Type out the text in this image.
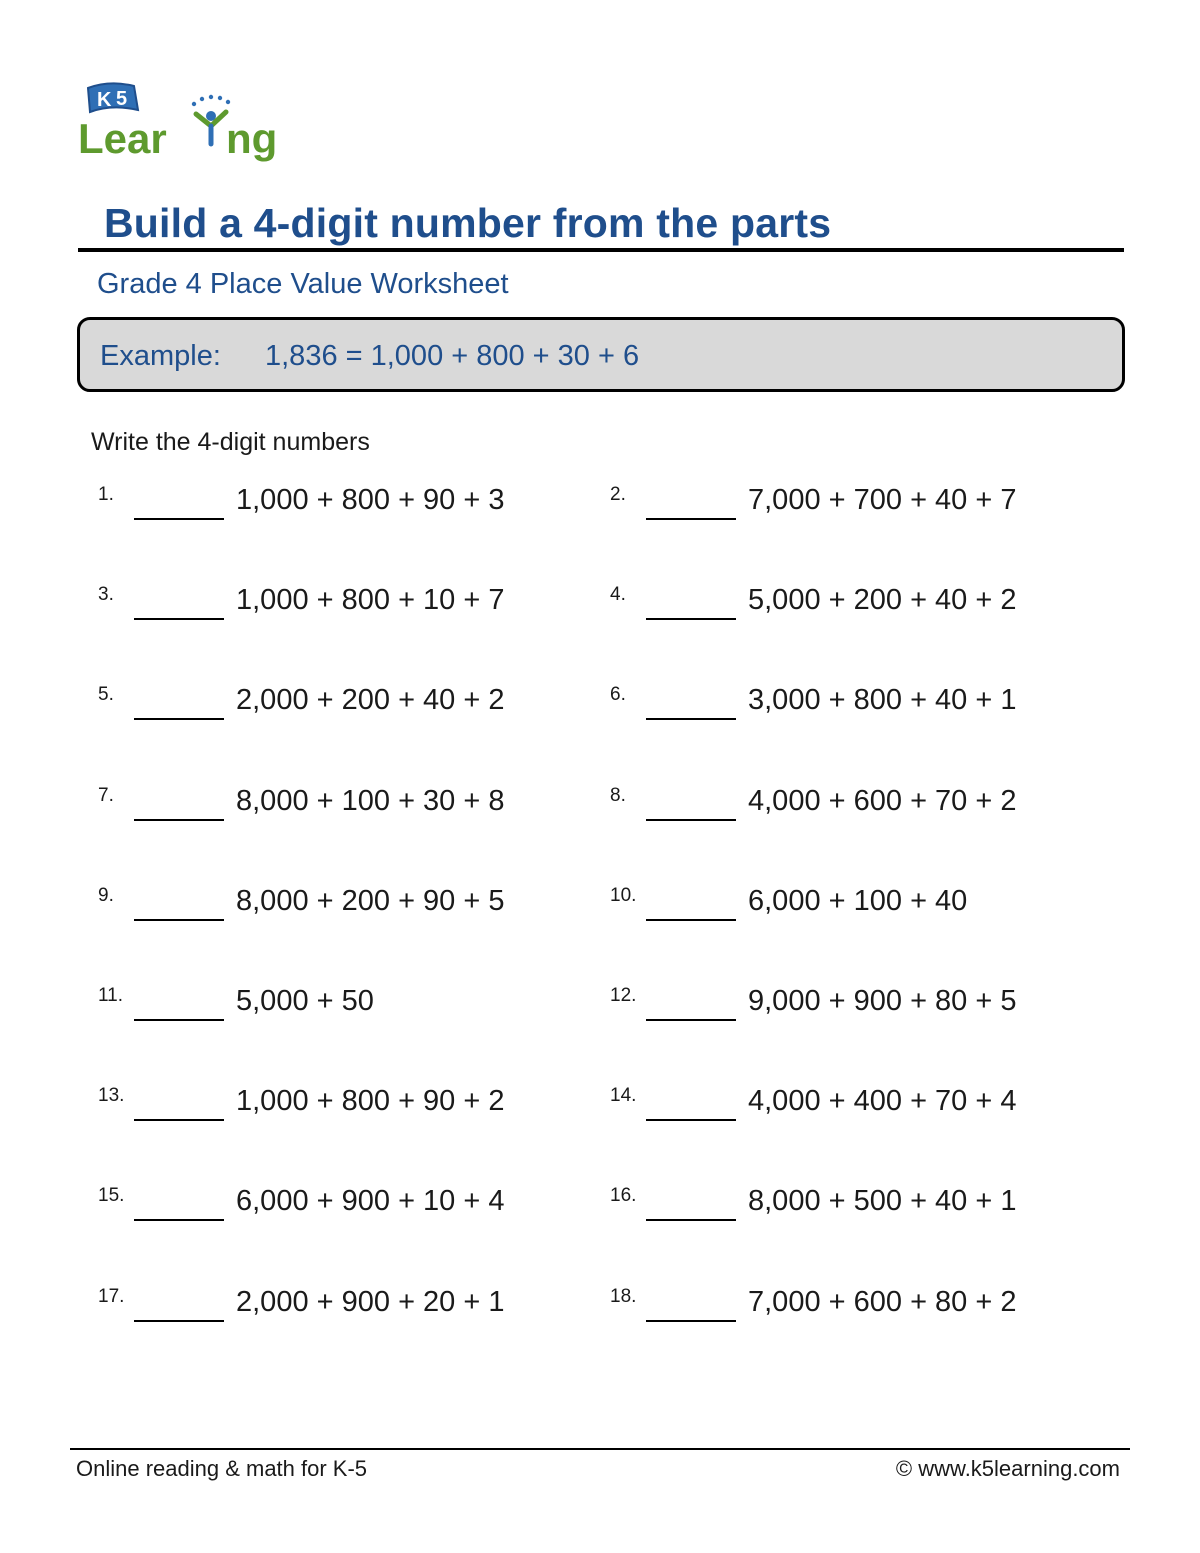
K 5
Lear ng
Build a 4-digit number from the parts
Grade 4 Place Value Worksheet
Example: 1,836 = 1,000 + 800 + 30 + 6
Write the 4-digit numbers
1.	1,000 + 800 + 90 + 3	2.	7,000 + 700 + 40 + 7
3.	1,000 + 800 + 10 + 7	4.	5,000 + 200 + 40 + 2
5.	2,000 + 200 + 40 + 2	6.	3,000 + 800 + 40 + 1
7.	8,000 + 100 + 30 + 8	8.	4,000 + 600 + 70 + 2
9.	8,000 + 200 + 90 + 5	10.	6,000 + 100 + 40
11.	5,000 + 50	12.	9,000 + 900 + 80 + 5
13.	1,000 + 800 + 90 + 2	14.	4,000 + 400 + 70 + 4
15.	6,000 + 900 + 10 + 4	16.	8,000 + 500 + 40 + 1
17.	2,000 + 900 + 20 + 1	18.	7,000 + 600 + 80 + 2
Online reading & math for K-5	© www.k5learning.com
